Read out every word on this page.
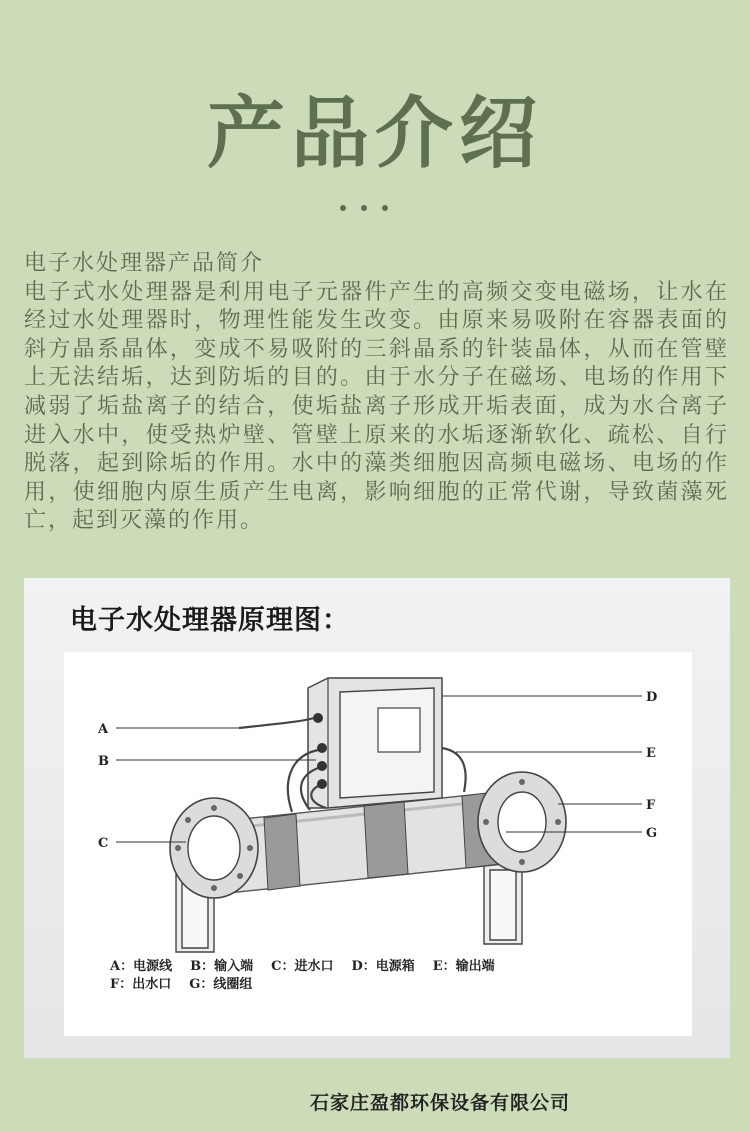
产品介绍
电子水处理器产品简介
电子式水处理器是利用电子元器件产生的高频交变电磁场，让水在经过水处理器时，物理性能发生改变。由原来易吸附在容器表面的斜方晶系晶体，变成不易吸附的三斜晶系的针装晶体，从而在管壁上无法结垢，达到防垢的目的。由于水分子在磁场、电场的作用下减弱了垢盐离子的结合，使垢盐离子形成开垢表面，成为水合离子进入水中，使受热炉壁、管壁上原来的水垢逐渐软化、疏松、自行脱落，起到除垢的作用。水中的藻类细胞因高频电磁场、电场的作用，使细胞内原生质产生电离，影响细胞的正常代谢，导致菌藻死亡，起到灭藻的作用。
电子水处理器原理图：
A
B
C
D
E
F
G
A：电源线 B：输入端 C：进水口 D：电源箱 E：输出端
F：出水口 G：线圈组
石家庄盈都环保设备有限公司
